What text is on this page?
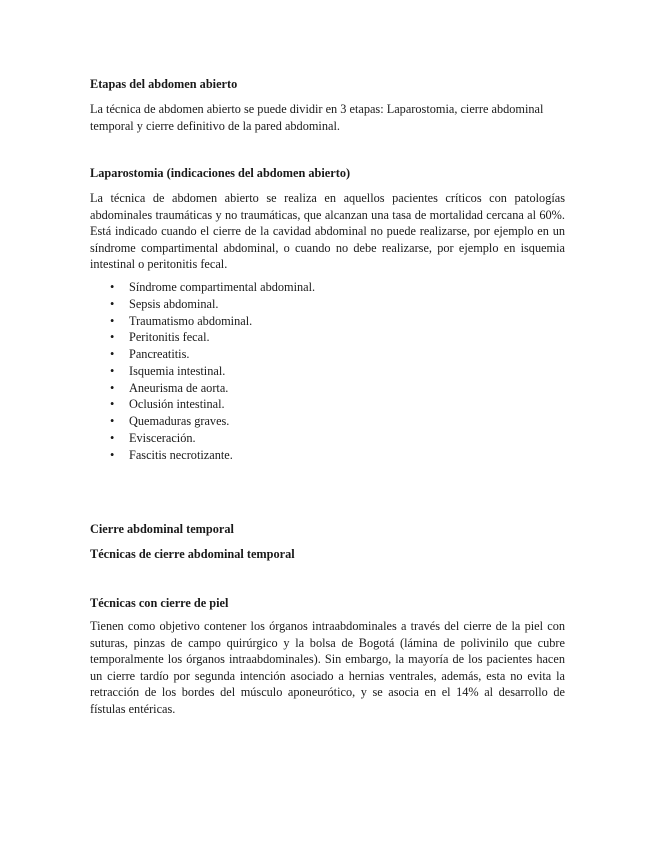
Etapas del abdomen abierto

La técnica de abdomen abierto se puede dividir en 3 etapas: Laparostomia, cierre abdominal temporal y cierre definitivo de la pared abdominal.

Laparostomia (indicaciones del abdomen abierto)

La técnica de abdomen abierto se realiza en aquellos pacientes críticos con patologías abdominales traumáticas y no traumáticas, que alcanzan una tasa de mortalidad cercana al 60%. Está indicado cuando el cierre de la cavidad abdominal no puede realizarse, por ejemplo en un síndrome compartimental abdominal, o cuando no debe realizarse, por ejemplo en isquemia intestinal o peritonitis fecal.

• Síndrome compartimental abdominal.
• Sepsis abdominal.
• Traumatismo abdominal.
• Peritonitis fecal.
• Pancreatitis.
• Isquemia intestinal.
• Aneurisma de aorta.
• Oclusión intestinal.
• Quemaduras graves.
• Evisceración.
• Fascitis necrotizante.
Cierre abdominal temporal
Técnicas de cierre abdominal temporal
Técnicas con cierre de piel

Tienen como objetivo contener los órganos intraabdominales a través del cierre de la piel con suturas, pinzas de campo quirúrgico y la bolsa de Bogotá (lámina de polivinilo que cubre temporalmente los órganos intraabdominales). Sin embargo, la mayoría de los pacientes hacen un cierre tardío por segunda intención asociado a hernias ventrales, además, esta no evita la retracción de los bordes del músculo aponeurótico, y se asocia en el 14% al desarrollo de fístulas entéricas.
